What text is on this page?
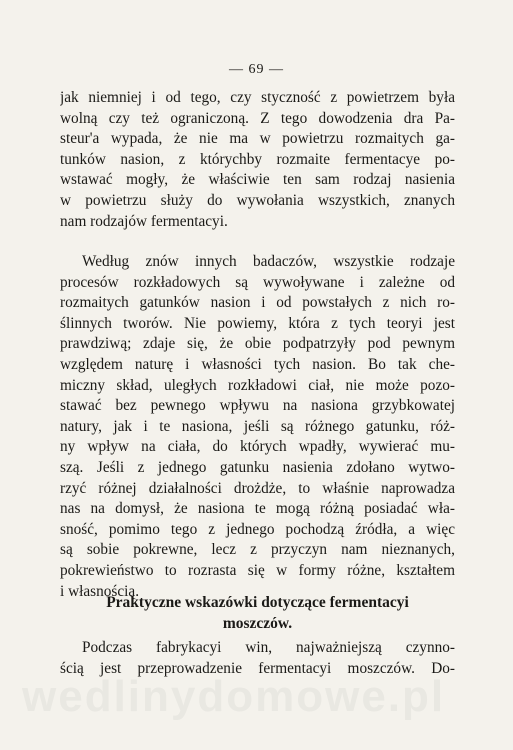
— 69 —
jak niemniej i od tego, czy styczność z powietrzem była
wolną czy też ograniczoną. Z tego dowodzenia dra Pa-
steur'a wypada, że nie ma w powietrzu rozmaitych ga-
tunków nasion, z którychby rozmaite fermentacye po-
wstawać mogły, że właściwie ten sam rodzaj nasienia
w powietrzu służy do wywołania wszystkich, znanych
nam rodzajów fermentacyi.
Według znów innych badaczów, wszystkie rodzaje
procesów rozkładowych są wywoływane i zależne od
rozmaitych gatunków nasion i od powstałych z nich ro-
ślinnych tworów. Nie powiemy, która z tych teoryi jest
prawdziwą; zdaje się, że obie podpatrzyły pod pewnym
względem naturę i własności tych nasion. Bo tak che-
miczny skład, uległych rozkładowi ciał, nie może pozo-
stawać bez pewnego wpływu na nasiona grzybkowatej
natury, jak i te nasiona, jeśli są różnego gatunku, róż-
ny wpływ na ciała, do których wpadły, wywierać mu-
szą. Jeśli z jednego gatunku nasienia zdołano wytwo-
rzyć różnej działalności drożdże, to właśnie naprowadza
nas na domysł, że nasiona te mogą różną posiadać wła-
sność, pomimo tego z jednego pochodzą źródła, a więc
są sobie pokrewne, lecz z przyczyn nam nieznanych,
pokrewieństwo to rozrasta się w formy różne, kształtem
i własnością.
Praktyczne wskazówki dotyczące fermentacyi
moszczów.
Podczas fabrykacyi win, najważniejszą czynno-
ścią jest przeprowadzenie fermentacyi moszczów. Do-
wedlinydomowe.pl
